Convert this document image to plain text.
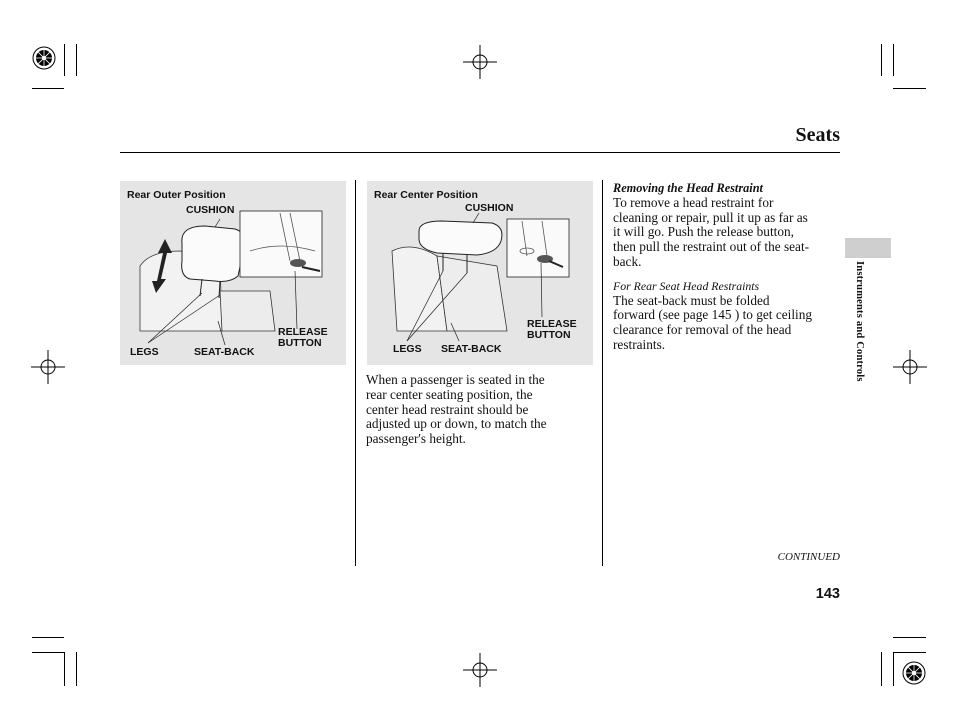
Seats
Rear Outer Position
CUSHION
RELEASE
BUTTON
LEGS	SEAT-BACK
Rear Center Position
CUSHION
RELEASE
BUTTON
LEGS SEAT-BACK
When a passenger is seated in the
rear center seating position, the
center head restraint should be
adjusted up or down, to match the
passenger's height.
Removing the Head Restraint
To remove a head restraint for
cleaning or repair, pull it up as far as
it will go. Push the release button,
then pull the restraint out of the seat-
back.
For Rear Seat Head Restraints
The seat-back must be folded
forward (see page 145 ) to get ceiling
clearance for removal of the head
restraints.	Instruments and Controls
CONTINUED
143
